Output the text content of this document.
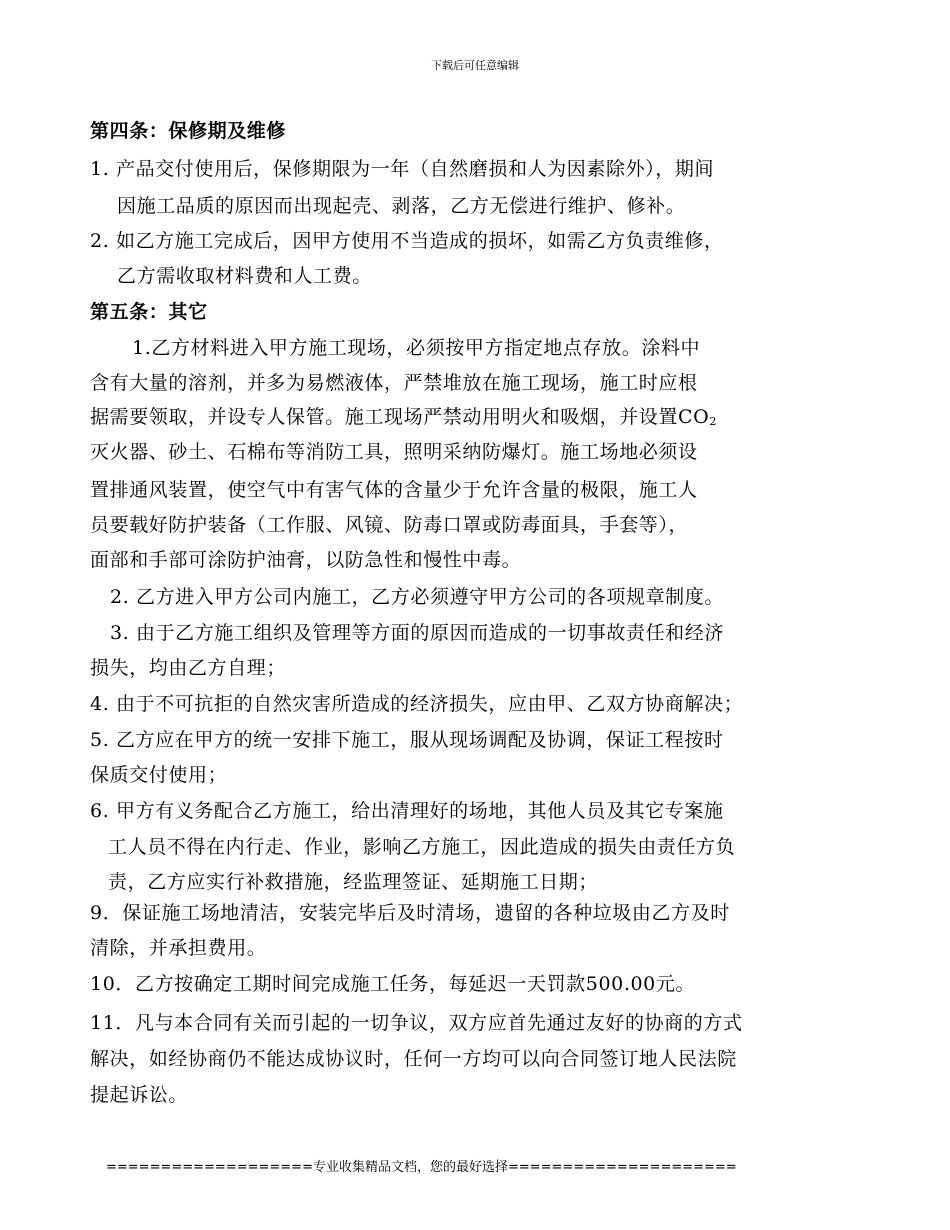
下载后可任意编辑
第四条：保修期及维修
1. 产品交付使用后，保修期限为一年（自然磨损和人为因素除外），期间
因施工品质的原因而出现起壳、剥落，乙方无偿进行维护、修补。
2. 如乙方施工完成后，因甲方使用不当造成的损坏，如需乙方负责维修，
乙方需收取材料费和人工费。
第五条：其它
1.乙方材料进入甲方施工现场，必须按甲方指定地点存放。涂料中
含有大量的溶剂，并多为易燃液体，严禁堆放在施工现场，施工时应根
据需要领取，并设专人保管。施工现场严禁动用明火和吸烟，并设置$CO_2$
灭火器、砂土、石棉布等消防工具，照明采纳防爆灯。施工场地必须设
置排通风装置，使空气中有害气体的含量少于允许含量的极限，施工人
员要载好防护装备（工作服、风镜、防毒口罩或防毒面具，手套等），
面部和手部可涂防护油膏，以防急性和慢性中毒。
2. 乙方进入甲方公司内施工，乙方必须遵守甲方公司的各项规章制度。
3. 由于乙方施工组织及管理等方面的原因而造成的一切事故责任和经济
损失，均由乙方自理；
4. 由于不可抗拒的自然灾害所造成的经济损失，应由甲、乙双方协商解决；
5. 乙方应在甲方的统一安排下施工，服从现场调配及协调，保证工程按时
保质交付使用；
6. 甲方有义务配合乙方施工，给出清理好的场地，其他人员及其它专案施
工人员不得在内行走、作业，影响乙方施工，因此造成的损失由责任方负
责，乙方应实行补救措施，经监理签证、延期施工日期；
9．保证施工场地清洁，安装完毕后及时清场，遗留的各种垃圾由乙方及时
清除，并承担费用。
10．乙方按确定工期时间完成施工任务，每延迟一天罚款500.00元。
11．凡与本合同有关而引起的一切争议，双方应首先通过友好的协商的方式
解决，如经协商仍不能达成协议时，任何一方均可以向合同签订地人民法院
提起诉讼。
===================专业收集精品文档，您的最好选择=====================
